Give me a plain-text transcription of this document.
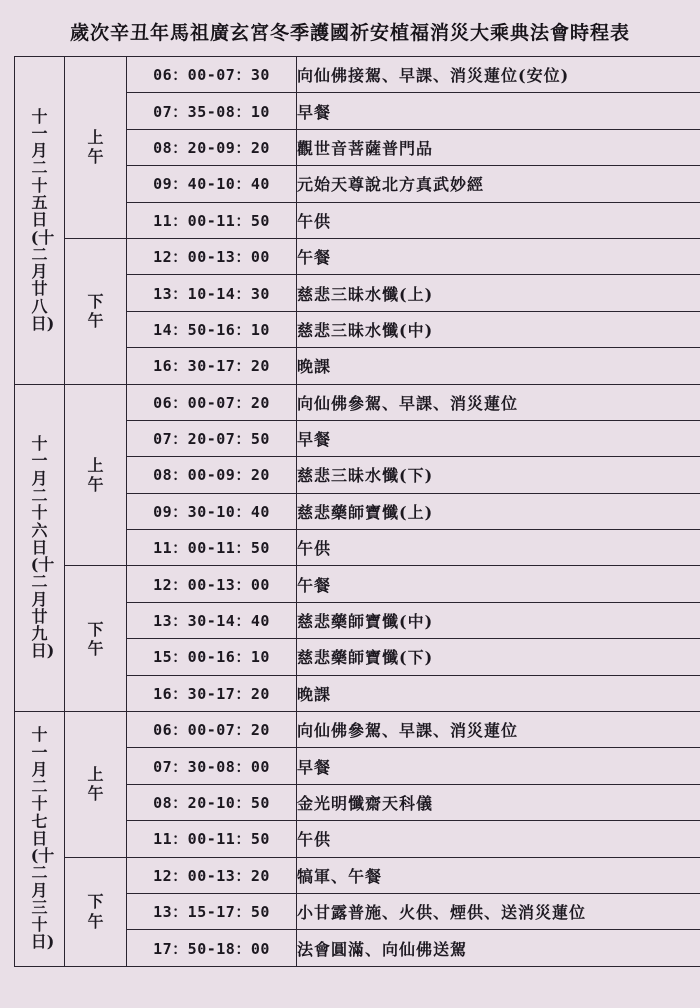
歲次辛丑年馬祖廣玄宮冬季護國祈安植福消災大乘典法會時程表
十一月二十五日(十二月廿八日)	上午	06：00-07：30	向仙佛接駕、早課、消災蓮位(安位)
		07：35-08：10	早餐
		08：20-09：20	觀世音菩薩普門品
		09：40-10：40	元始天尊說北方真武妙經
		11：00-11：50	午供
	下午	12：00-13：00	午餐
		13：10-14：30	慈悲三昧水懺(上)
		14：50-16：10	慈悲三昧水懺(中)
		16：30-17：20	晚課
十一月二十六日(十二月廿九日)	上午	06：00-07：20	向仙佛參駕、早課、消災蓮位
		07：20-07：50	早餐
		08：00-09：20	慈悲三昧水懺(下)
		09：30-10：40	慈悲藥師寶懺(上)
		11：00-11：50	午供
	下午	12：00-13：00	午餐
		13：30-14：40	慈悲藥師寶懺(中)
		15：00-16：10	慈悲藥師寶懺(下)
		16：30-17：20	晚課
十一月二十七日(十二月三十日)	上午	06：00-07：20	向仙佛參駕、早課、消災蓮位
		07：30-08：00	早餐
		08：20-10：50	金光明懺齋天科儀
		11：00-11：50	午供
	下午	12：00-13：20	犒軍、午餐
		13：15-17：50	小甘露普施、火供、煙供、送消災蓮位
		17：50-18：00	法會圓滿、向仙佛送駕
